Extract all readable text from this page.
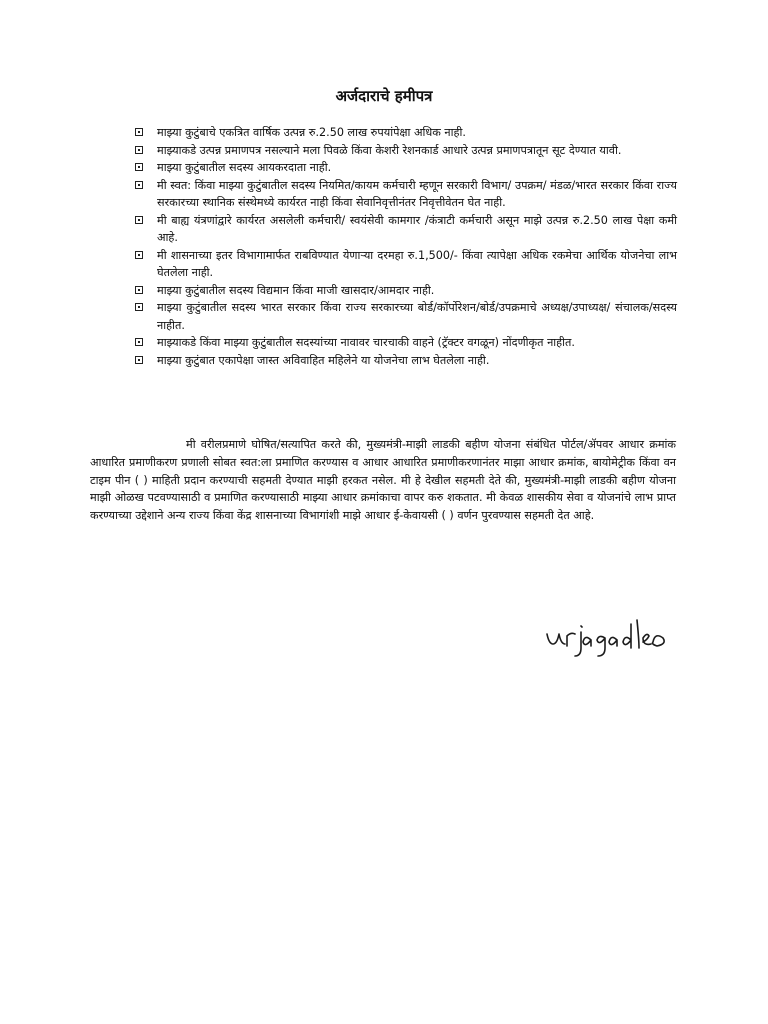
अर्जदाराचे हमीपत्र
माझ्या कुटुंबाचे एकत्रित वार्षिक उत्पन्न रु.2.50 लाख रुपयांपेक्षा अधिक नाही.
माझ्याकडे उत्पन्न प्रमाणपत्र नसल्याने मला पिवळे किंवा केशरी रेशनकार्ड आधारे उत्पन्न प्रमाणपत्रातून सूट देण्यात यावी.
माझ्या कुटुंबातील सदस्य आयकरदाता नाही.
मी स्वत: किंवा माझ्या कुटुंबातील सदस्य नियमित/कायम कर्मचारी म्हणून सरकारी विभाग/ उपक्रम/ मंडळ/भारत सरकार किंवा राज्य सरकारच्या स्थानिक संस्थेमध्ये कार्यरत नाही किंवा सेवानिवृत्तीनंतर निवृत्तीवेतन घेत नाही.
मी बाह्य यंत्रणांद्वारे कार्यरत असलेली कर्मचारी/ स्वयंसेवी कामगार /कंत्राटी कर्मचारी असून माझे उत्पन्न रु.2.50 लाख पेक्षा कमी आहे.
मी शासनाच्या इतर विभागामार्फत राबविण्यात येणाऱ्या दरमहा रु.1,500/- किंवा त्यापेक्षा अधिक रकमेचा आर्थिक योजनेचा लाभ घेतलेला नाही.
माझ्या कुटुंबातील सदस्य विद्यमान किंवा माजी खासदार/आमदार नाही.
माझ्या कुटुंबातील सदस्य भारत सरकार किंवा राज्य सरकारच्या बोर्ड/कॉर्पोरेशन/बोर्ड/उपक्रमाचे अध्यक्ष/उपाध्यक्ष/ संचालक/सदस्य नाहीत.
माझ्याकडे किंवा माझ्या कुटुंबातील सदस्यांच्या नावावर चारचाकी वाहने (ट्रॅक्टर वगळून) नोंदणीकृत नाहीत.
माझ्या कुटुंबात एकापेक्षा जास्त अविवाहित महिलेने या योजनेचा लाभ घेतलेला नाही.

मी वरीलप्रमाणे घोषित/सत्यापित करते की, मुख्यमंत्री-माझी लाडकी बहीण योजना संबंधित पोर्टल/ॲपवर आधार क्रमांक आधारित प्रमाणीकरण प्रणाली सोबत स्वत:ला प्रमाणित करण्यास व आधार आधारित प्रमाणीकरणानंतर माझा आधार क्रमांक, बायोमेट्रीक किंवा वन टाइम पीन ( ) माहिती प्रदान करण्याची सहमती देण्यात माझी हरकत नसेल. मी हे देखील सहमती देते की, मुख्यमंत्री-माझी लाडकी बहीण योजना माझी ओळख पटवण्यासाठी व प्रमाणित करण्यासाठी माझ्या आधार क्रमांकाचा वापर करु शकतात. मी केवळ शासकीय सेवा व योजनांचे लाभ प्राप्त करण्याच्या उद्देशाने अन्य राज्य किंवा केंद्र शासनाच्या विभागांशी माझे आधार ई-केवायसी ( ) वर्णन पुरवण्यास सहमती देत आहे.
